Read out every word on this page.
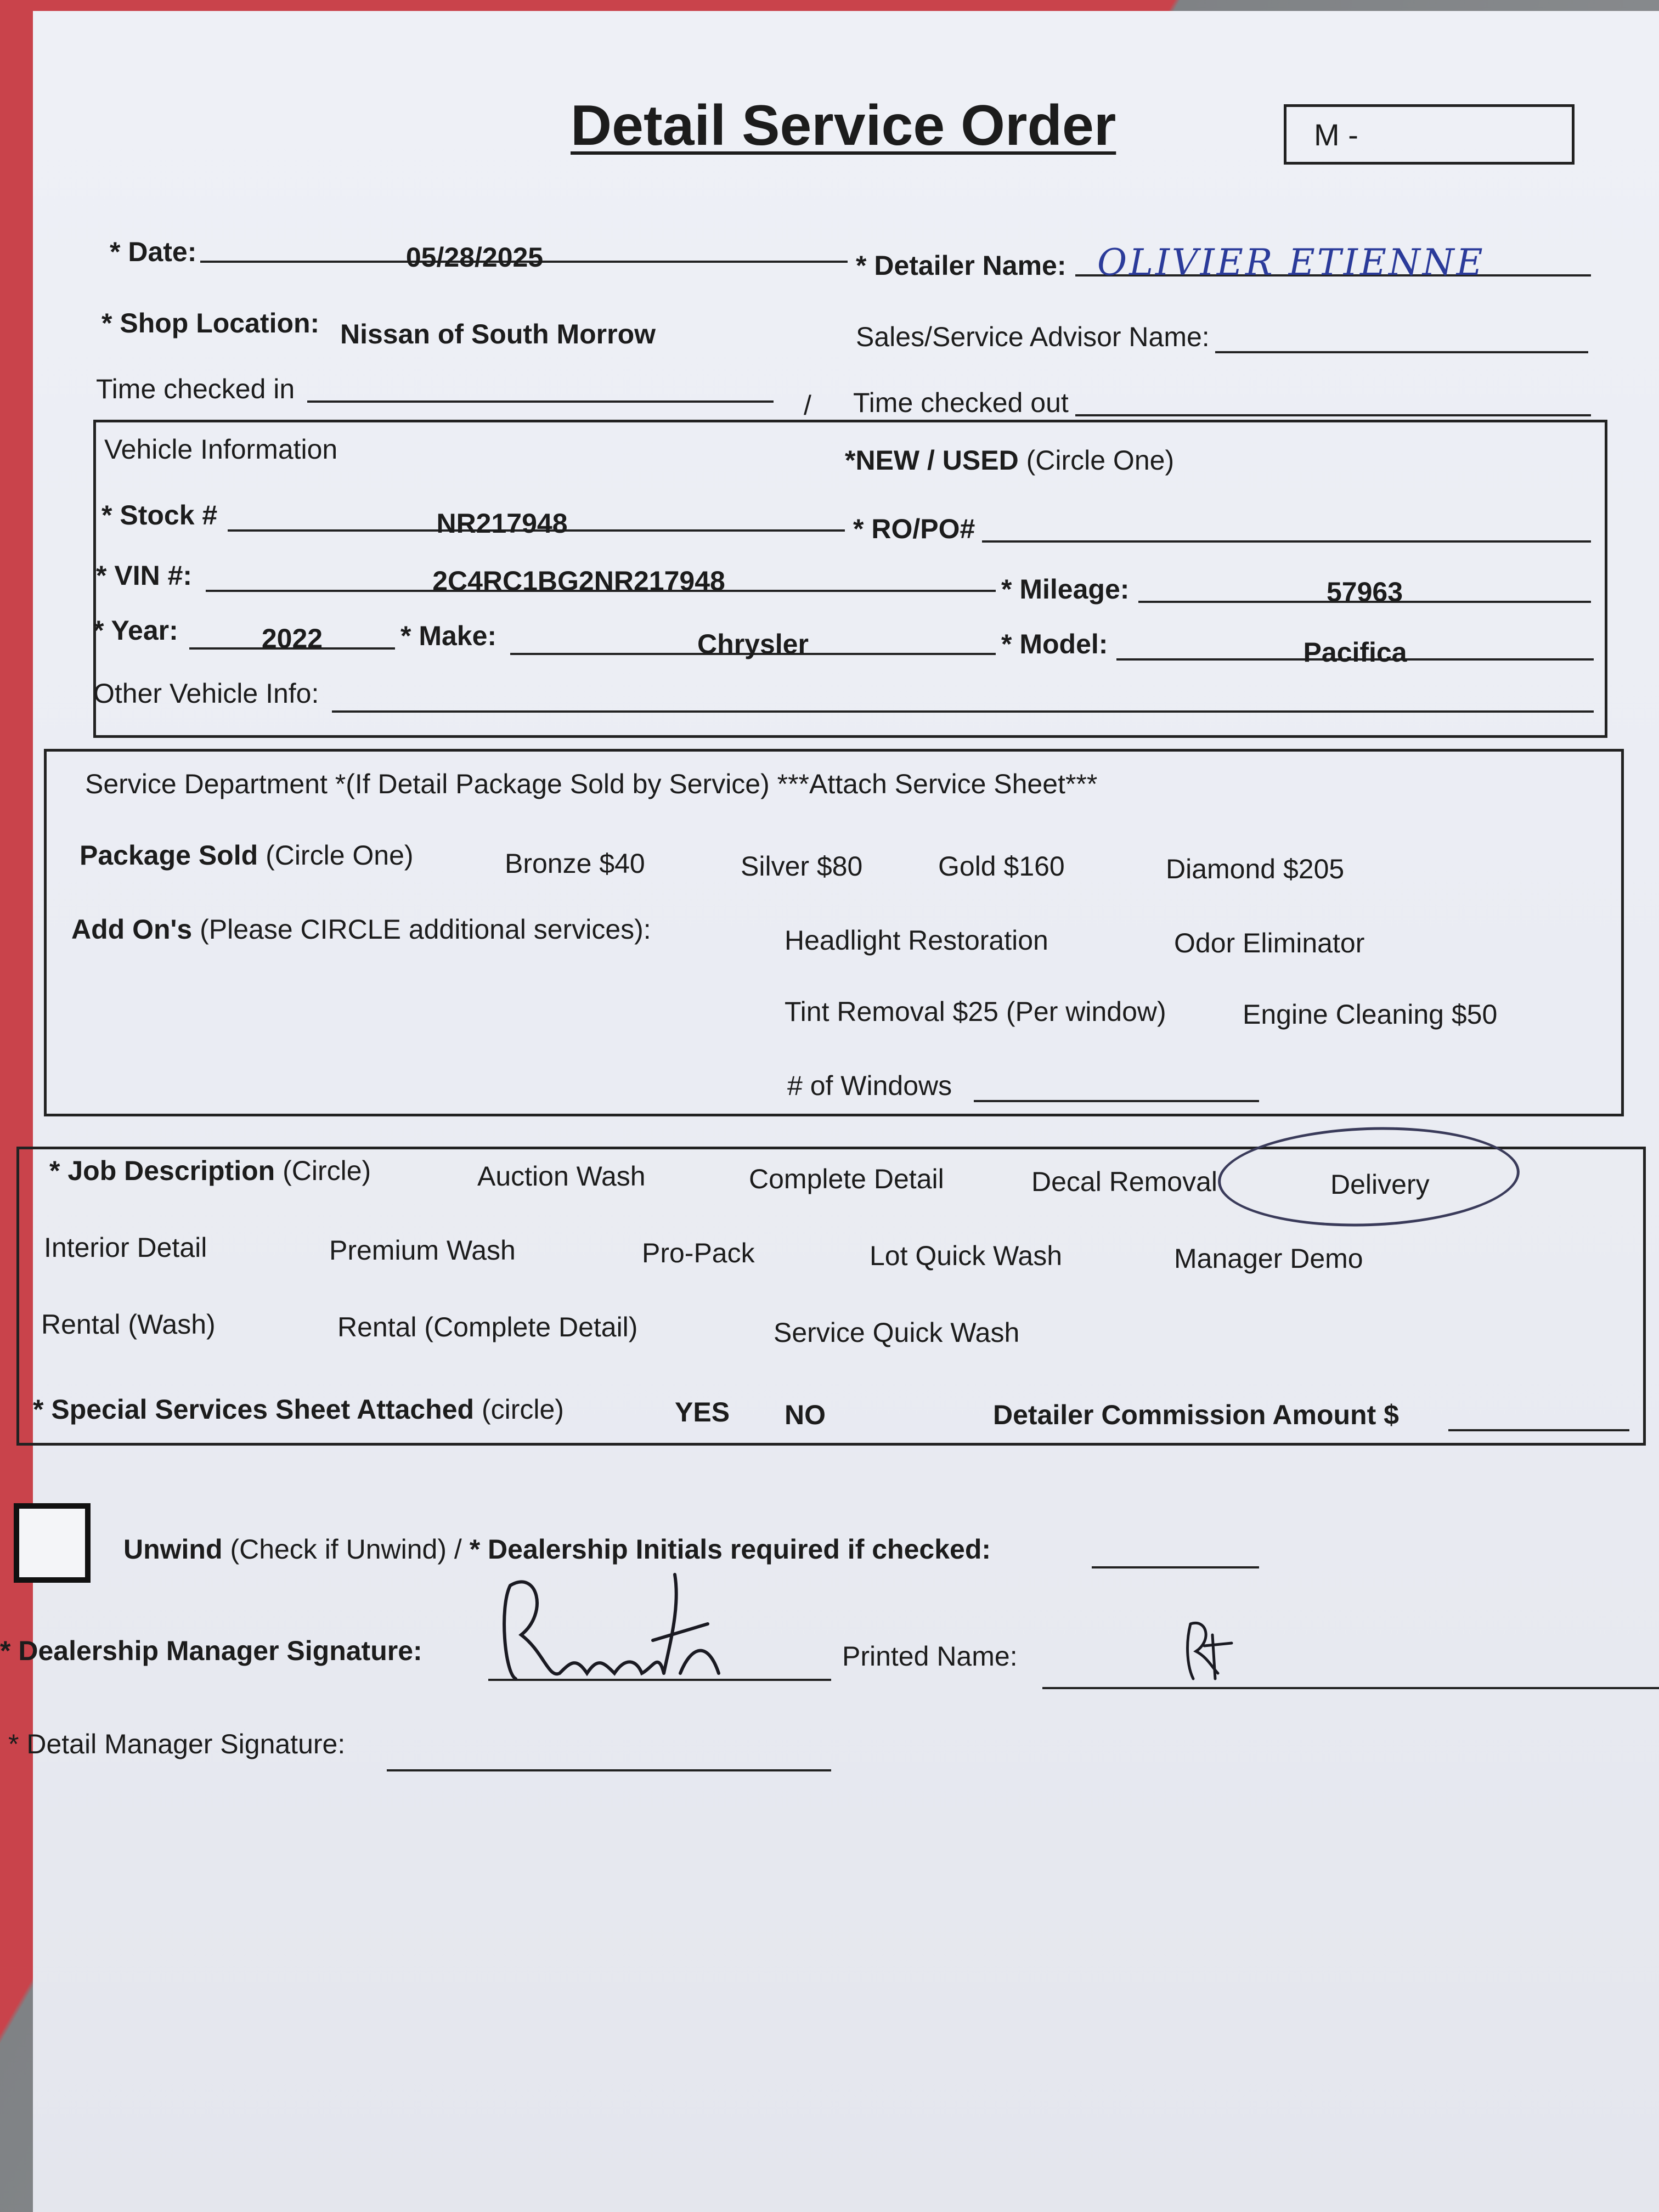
Detail Service Order	M -
* Date:	05/28/2025	* Detailer Name: OLIVIER ETIENNE
* Shop Location: Nissan of South Morrow	Sales/Service Advisor Name:
Time checked in
/ Time checked out
Vehicle Information	*NEW / USED (Circle One)
* Stock #	NR217948	* RO/PO#
* VIN #:	2C4RC1BG2NR217948	* Mileage:	57963
* Year:	2022	* Make:	Chrysler	* Model:	Pacifica
Other Vehicle Info:
Service Department *(If Detail Package Sold by Service) ***Attach Service Sheet***
Package Sold (Circle One)	Bronze $40	Silver $80	Gold $160	Diamond $205
Add On's (Please CIRCLE additional services):	Headlight Restoration	Odor Eliminator
Tint Removal $25 (Per window)	Engine Cleaning $50
# of Windows
* Job Description (Circle)	Auction Wash	Complete Detail	Decal Removal	Delivery
Interior Detail	Premium Wash	Pro-Pack	Lot Quick Wash	Manager Demo
Rental (Wash)	Rental (Complete Detail)	Service Quick Wash
* Special Services Sheet Attached (circle)	YES NO	Detailer Commission Amount $
Unwind (Check if Unwind) / * Dealership Initials required if checked:
* Dealership Manager Signature:	Printed Name:
* Detail Manager Signature:
